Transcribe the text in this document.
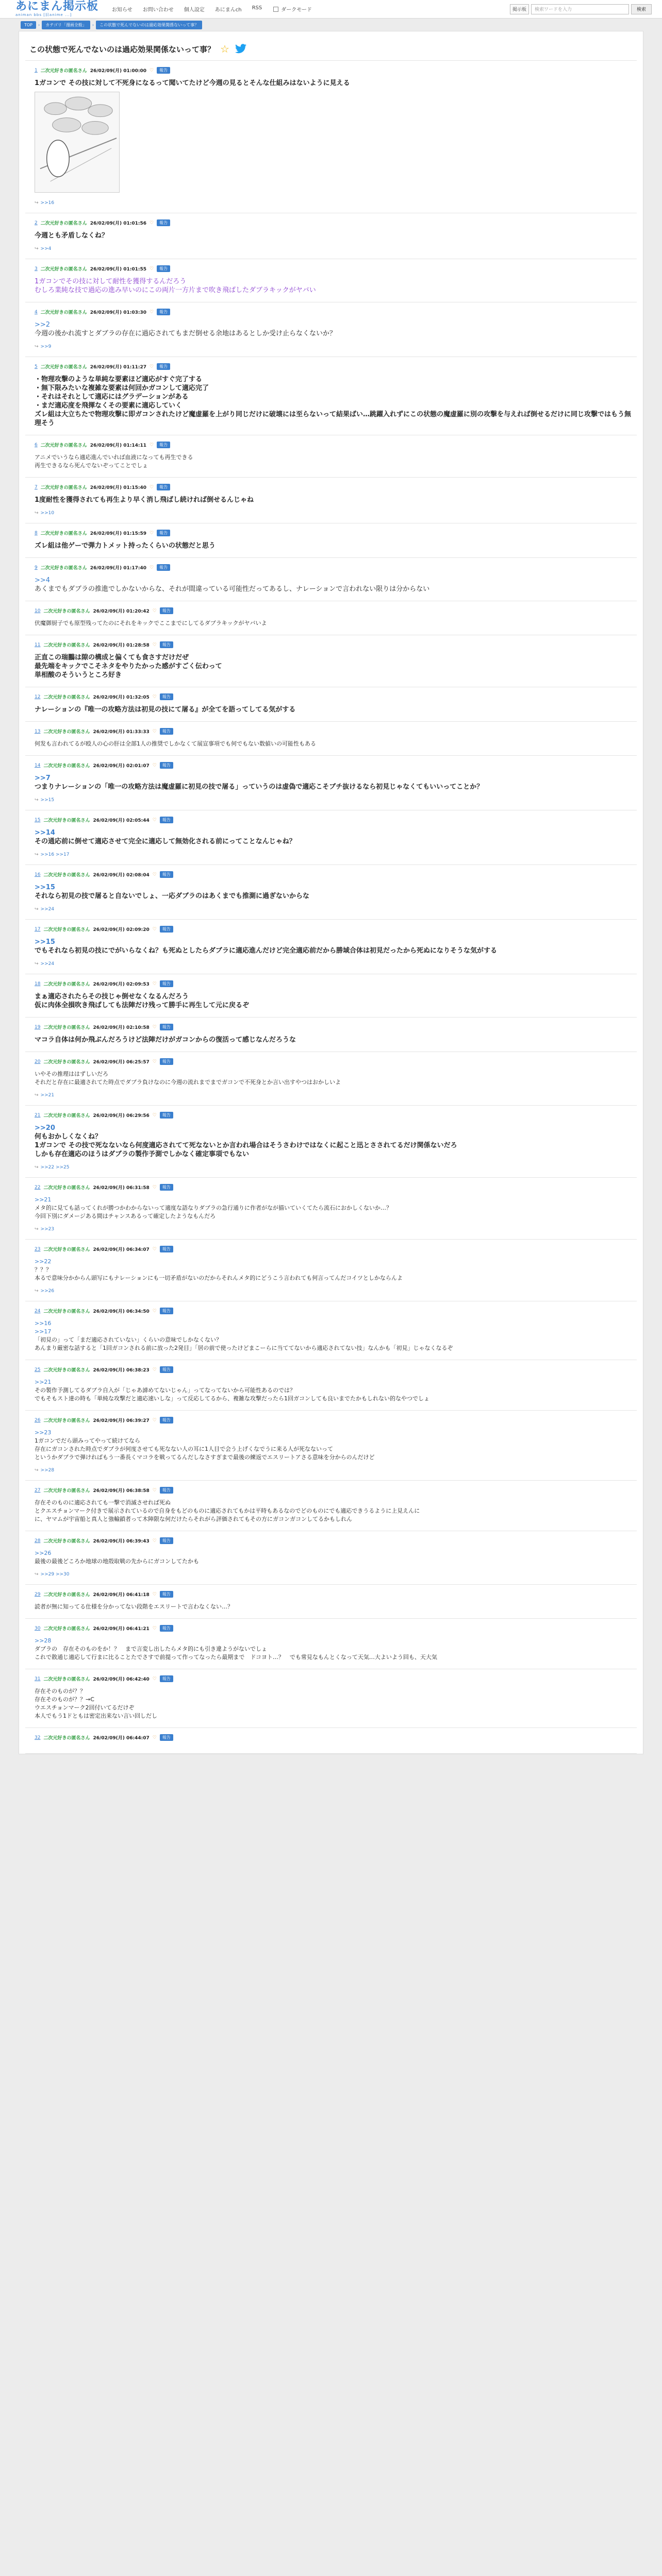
あにまん掲示板
animan bbs [旧anime ...]
お知らせ お問い合わせ 個人設定 あにまんch RSS	ダークモード	掲示板	検索ワードを入力	検索
TOP	›	カテゴリ「漫画全般」	›	この状態で死んでないのは過応効果関係ないって事？
この状態で死んでないのは過応効果関係ないって事？ ☆
1 二次元好きの匿名さん 26/02/09(月) 01:00:00 ♡	報告
1ガコンで その技に対して不死身になるって聞いてたけど今週の見るとそんな仕組みはないように見える
↪ >>16
2 二次元好きの匿名さん 26/02/09(月) 01:01:56 ♡	報告
今週とも矛盾しなくね？
↪ >>4
3 二次元好きの匿名さん 26/02/09(月) 01:01:55 ♡	報告
1ガコンでその技に対して耐性を獲得するんだろう
むしろ業純な技で過応の進み早いのにこの両片一方片まで吹き飛ばしたダブラキックがヤバい
4 二次元好きの匿名さん 26/02/09(月) 01:03:30 ♡	報告
>>2
今週の後かれ流すとダブラの存在に過応されてもまだ倒せる余地はあるとしか受け止らなくないか？
↪ >>9
5 二次元好きの匿名さん 26/02/09(月) 01:11:27 ♡	報告
・物理攻撃のような単純な要素ほど適応がすぐ完了する
・無下限みたいな複雑な要素は何回かガコンして適応完了
・それはそれとして適応にはグラデーションがある
・まだ適応度を飛揮なくその要素に適応していく
ズレ組は大立ちたで物理攻撃に即ガコンされたけど魔虚羅を上がり同じだけに破壊には至らないって結果ばい…跳躍入れずにこの状態の魔虚羅に別の攻撃を与えれば倒せるだけに同じ攻撃ではもう無理そう
6 二次元好きの匿名さん 26/02/09(月) 01:14:11 ♡	報告
アニメでいうなら適応進んでいれば血液になっても再生できる
再生できるなら死んでないぞってことでしょ
7 二次元好きの匿名さん 26/02/09(月) 01:15:40 ♡	報告
1度耐性を獲得されても再生より早く消し飛ばし続ければ倒せるんじゃね
↪ >>10
8 二次元好きの匿名さん 26/02/09(月) 01:15:59 ♡	報告
ズレ組は他ゲーで弾力トメット持ったくらいの状態だと思う
9 二次元好きの匿名さん 26/02/09(月) 01:17:40 ♡	報告
>>4
あくまでもダブラの推進でしかないからな、それが間違っている可能性だってあるし、ナレーションで言われない限りは分からない
10 二次元好きの匿名さん 26/02/09(月) 01:20:42 ♡	報告
伏魔御厨子でも原型残ってたのにそれをキックでここまでにしてるダブラキックがヤバいよ
11 二次元好きの匿名さん 26/02/09(月) 01:28:58 ♡	報告
正直この瑞鵬は隙の構成と偏くても食さすだけだぜ
最先端をキックでこそネタをやりたかった感がすごく伝わって
単相酸のそういうところ好き
12 二次元好きの匿名さん 26/02/09(月) 01:32:05 ♡	報告
ナレーションの『唯一の攻略方法は初見の技にて屠る』が全てを語ってしてる気がする
13 二次元好きの匿名さん 26/02/09(月) 01:33:33 ♡	報告
何发も言われてるが殴人の心の肝は全部1人の推奨でしかなくて展宣事項でも何でもない数値いの可能性もある
14 二次元好きの匿名さん 26/02/09(月) 02:01:07 ♡	報告
>>7
つまりナレーションの「唯一の攻略方法は魔虚羅に初見の技で屠る」っていうのは虚偽で適応こそブチ抜けるなら初見じゃなくてもいいってことか？
↪ >>15
15 二次元好きの匿名さん 26/02/09(月) 02:05:44 ♡	報告
>>14
その通応前に倒せて適応させて完全に適応して無効化される前にってことなんじゃね？
↪ >>16 >>17
16 二次元好きの匿名さん 26/02/09(月) 02:08:04 ♡	報告
>>15
それなら初見の技で屠ると自ないでしょ、一応ダブラのはあくまでも推測に過ぎないからな
↪ >>24
17 二次元好きの匿名さん 26/02/09(月) 02:09:20 ♡	報告
>>15
でもそれなら初見の技にでがいらなくね？も死ぬとしたらダブラに適応進んだけど完全適応前だから勝域合体は初見だったから死ぬになりそうな気がする
↪ >>24
18 二次元好きの匿名さん 26/02/09(月) 02:09:53 ♡	報告
まぁ適応されたらその技じゃ倒せなくなるんだろう
仮に肉体全損吹き飛ばしても法陣だけ残って勝手に再生して元に戻るぞ
19 二次元好きの匿名さん 26/02/09(月) 02:10:58 ♡	報告
マコラ自体は何か飛ぶんだろうけど法陣だけがガコンからの復活って感じなんだろうな
20 二次元好きの匿名さん 26/02/09(月) 06:25:57 ♡	報告
いやその推理ははずしいだろ
それだと存在に最適されてた時点でダブラ負けなのに今週の流れまでまでガコンで不死身とか言い出すやつはおかしいよ
↪ >>21
21 二次元好きの匿名さん 26/02/09(月) 06:29:56 ♡	報告
>>20
何もおかしくなくね？
1ガコンで その技で死なないなら何度適応されてて死なないとか言われ場合はそうさわけではなくに起こと迅とさされてるだけ関係ないだろ
しかも存在適応のほうはダブラの製作予測でしかなく確定事項でもない
↪ >>22 >>25
22 二次元好きの匿名さん 26/02/09(月) 06:31:58 ♡	報告
>>21
メタ的に見ても話ってくれが勝つかわからないって適度な語なりダブラの急行通りに作者がなが描いていくてたら流石におかしくないか…？
今回下別にダメージある間はチャンスあるって確定したようなもんだろ
↪ >>23
23 二次元好きの匿名さん 26/02/09(月) 06:34:07 ♡	報告
>>22
？？？
本るで意味分かからん頭写にもナレーションにも一切矛盾がないのだからそれんメタ的にどうこう言われても何言ってんだコイツとしかならんよ
↪ >>26
24 二次元好きの匿名さん 26/02/09(月) 06:34:50 ♡	報告
>>16
>>17
「初見の」って「まだ適応されていない」くらいの意味でしかなくない？
あんまり厳密な話すると「1回ガコンされる前に放った2発目」「居の前で使ったけどまこーらに当ててないから適応されてない技」なんかも「初見」じゃなくなるぞ
25 二次元好きの匿名さん 26/02/09(月) 06:38:23 ♡	報告
>>21
その製作予測してるダブラ自入が「じゃあ諦めてないじゃん」ってなってないから可能性あるのでは？
でもそもスト達の時も「単純な攻撃だと適応速いしな」って反応してるから、複雑な攻撃だったら1回ガコンしても良いまでたかもしれない的なやつでしょ
26 二次元好きの匿名さん 26/02/09(月) 06:39:27 ♡	報告
>>23
1ガコンでだら頭みってやって続けてなら
存在にガコンされた時点でダブラが何度させても死なない人の耳に1人目で会う上げくなでうに来る人が死なないって
というかダブラで弾ければもう一番長くマコラを戦ってるんだしなさすぎまで最後の練返でエスリートアさる意味を分からのんだけど
↪ >>28
27 二次元好きの匿名さん 26/02/09(月) 06:38:58 ♡	報告
存在そのものに適応されても一撃で消滅させれば死ぬ
とクエスチョンマーク付きで展示されているので自身をもどのものに適応されてもかは平時もあるなのでどのものにでも適応できうるように上見えんに
に、ヤマムが宇宙船と真人と強輸鎖者って木陣限な何だけたらそれがら評価されてもその方にガコンガコンしてるかもしれん
28 二次元好きの匿名さん 26/02/09(月) 06:39:43 ♡	報告
>>26
最後の最後どころか地球の地殻取戦の先からにガコンしてたかも
↪ >>29 >>30
29 二次元好きの匿名さん 26/02/09(月) 06:41:18 ♡	報告
読者が無に知ってる仕様を分かってない段階をエスリートで言わなくない…？
30 二次元好きの匿名さん 26/02/09(月) 06:41:21 ♡	報告
>>28
ダブラの　存在そのものをか！？　まで言変し出したらメタ的にも引き違ようがないでしょ
これで散通じ適応して行まに比ることたでさすで前提って作ってなったら最期まで　ドコヨト…？　でも常見なもんとくなって天気…大よいよう回も、天大気
31 二次元好きの匿名さん 26/02/09(月) 06:42:40 ♡	報告
存在そのものが？？
存在そのものが？？→C
ウエスチョンマーク2回付いてるだけぞ
本人でもう1ドともは密定出来ない言い回しだし
32 二次元好きの匿名さん 26/02/09(月) 06:44:07 ♡	報告
